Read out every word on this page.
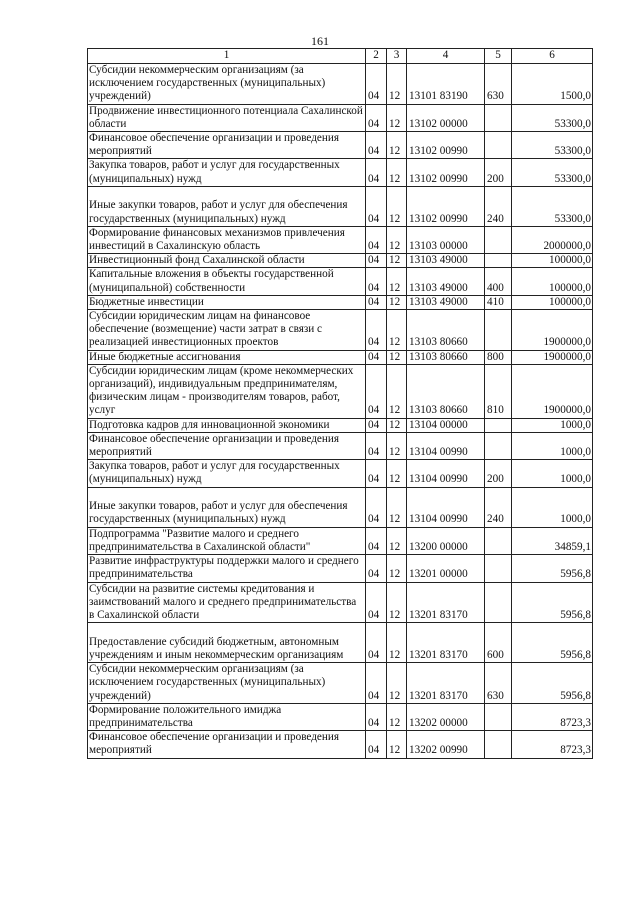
161
1	2	3	4	5	6
Субсидии некоммерческим организациям (за исключением государственных (муниципальных) учреждений)	04	12	13101 83190	630	1500,0
Продвижение инвестиционного потенциала Сахалинской области	04	12	13102 00000		53300,0
Финансовое обеспечение организации и проведения мероприятий	04	12	13102 00990		53300,0
Закупка товаров, работ и услуг для государственных (муниципальных) нужд	04	12	13102 00990	200	53300,0
Иные закупки товаров, работ и услуг для обеспечения государственных (муниципальных) нужд	04	12	13102 00990	240	53300,0
Формирование финансовых механизмов привлечения инвестиций в Сахалинскую область	04	12	13103 00000		2000000,0
Инвестиционный фонд Сахалинской области	04	12	13103 49000		100000,0
Капитальные вложения в объекты государственной (муниципальной) собственности	04	12	13103 49000	400	100000,0
Бюджетные инвестиции	04	12	13103 49000	410	100000,0
Субсидии юридическим лицам на финансовое обеспечение (возмещение) части затрат в связи с реализацией инвестиционных проектов	04	12	13103 80660		1900000,0
Иные бюджетные ассигнования	04	12	13103 80660	800	1900000,0
Субсидии юридическим лицам (кроме некоммерческих организаций), индивидуальным предпринимателям, физическим лицам - производителям товаров, работ, услуг	04	12	13103 80660	810	1900000,0
Подготовка кадров для инновационной экономики	04	12	13104 00000		1000,0
Финансовое обеспечение организации и проведения мероприятий	04	12	13104 00990		1000,0
Закупка товаров, работ и услуг для государственных (муниципальных) нужд	04	12	13104 00990	200	1000,0
Иные закупки товаров, работ и услуг для обеспечения государственных (муниципальных) нужд	04	12	13104 00990	240	1000,0
Подпрограмма "Развитие малого и среднего предпринимательства в Сахалинской области"	04	12	13200 00000		34859,1
Развитие инфраструктуры поддержки малого и среднего предпринимательства	04	12	13201 00000		5956,8
Субсидии на развитие системы кредитования и заимствований малого и среднего предпринимательства в Сахалинской области	04	12	13201 83170		5956,8
Предоставление субсидий бюджетным, автономным учреждениям и иным некоммерческим организациям	04	12	13201 83170	600	5956,8
Субсидии некоммерческим организациям (за исключением государственных (муниципальных) учреждений)	04	12	13201 83170	630	5956,8
Формирование положительного имиджа предпринимательства	04	12	13202 00000		8723,3
Финансовое обеспечение организации и проведения мероприятий	04	12	13202 00990		8723,3
